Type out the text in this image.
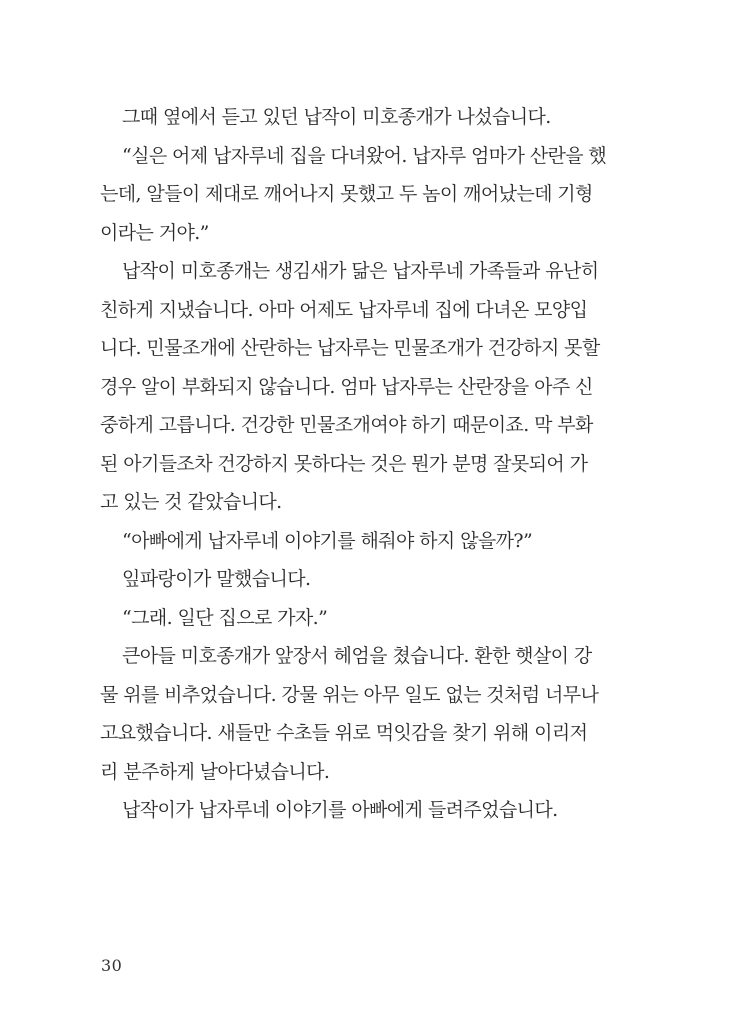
그때 옆에서 듣고 있던 납작이 미호종개가 나섰습니다.

“실은 어제 납자루네 집을 다녀왔어. 납자루 엄마가 산란을 했
는데, 알들이 제대로 깨어나지 못했고 두 놈이 깨어났는데 기형
이라는 거야.”

납작이 미호종개는 생김새가 닮은 납자루네 가족들과 유난히
친하게 지냈습니다. 아마 어제도 납자루네 집에 다녀온 모양입
니다. 민물조개에 산란하는 납자루는 민물조개가 건강하지 못할
경우 알이 부화되지 않습니다. 엄마 납자루는 산란장을 아주 신
중하게 고릅니다. 건강한 민물조개여야 하기 때문이죠. 막 부화
된 아기들조차 건강하지 못하다는 것은 뭔가 분명 잘못되어 가
고 있는 것 같았습니다.

“아빠에게 납자루네 이야기를 해줘야 하지 않을까?”

잎파랑이가 말했습니다.

“그래. 일단 집으로 가자.”

큰아들 미호종개가 앞장서 헤엄을 쳤습니다. 환한 햇살이 강
물 위를 비추었습니다. 강물 위는 아무 일도 없는 것처럼 너무나
고요했습니다. 새들만 수초들 위로 먹잇감을 찾기 위해 이리저
리 분주하게 날아다녔습니다.

납작이가 납자루네 이야기를 아빠에게 들려주었습니다.

30
